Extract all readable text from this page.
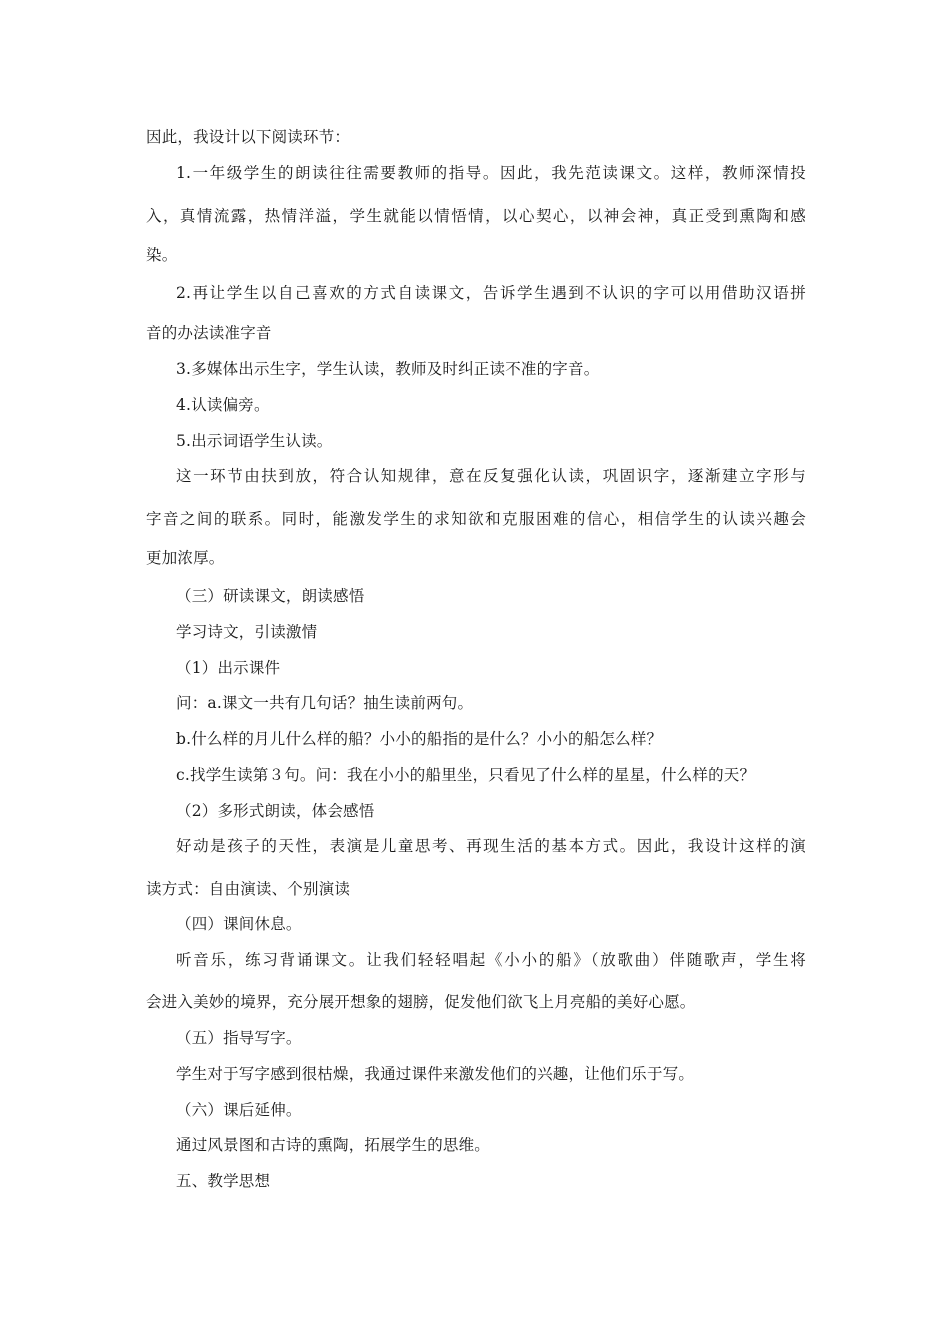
因此，我设计以下阅读环节：
1.一年级学生的朗读往往需要教师的指导。因此，我先范读课文。这样，教师深情投
入，真情流露，热情洋溢，学生就能以情悟情，以心契心，以神会神，真正受到熏陶和感
染。
2.再让学生以自己喜欢的方式自读课文，告诉学生遇到不认识的字可以用借助汉语拼
音的办法读准字音
3.多媒体出示生字，学生认读，教师及时纠正读不准的字音。
4.认读偏旁。
5.出示词语学生认读。
这一环节由扶到放，符合认知规律，意在反复强化认读，巩固识字，逐渐建立字形与
字音之间的联系。同时，能激发学生的求知欲和克服困难的信心，相信学生的认读兴趣会
更加浓厚。
（三）研读课文，朗读感悟
学习诗文，引读激情
（1）出示课件
问：a.课文一共有几句话？抽生读前两句。
b.什么样的月儿什么样的船？小小的船指的是什么？小小的船怎么样？
c.找学生读第３句。问：我在小小的船里坐，只看见了什么样的星星，什么样的天？
（2）多形式朗读，体会感悟
好动是孩子的天性，表演是儿童思考、再现生活的基本方式。因此，我设计这样的演
读方式：自由演读、个别演读
（四）课间休息。
听音乐，练习背诵课文。让我们轻轻唱起《小小的船》（放歌曲）伴随歌声，学生将
会进入美妙的境界，充分展开想象的翅膀，促发他们欲飞上月亮船的美好心愿。
（五）指导写字。
学生对于写字感到很枯燥，我通过课件来激发他们的兴趣，让他们乐于写。
（六）课后延伸。
通过风景图和古诗的熏陶，拓展学生的思维。
五、教学思想
